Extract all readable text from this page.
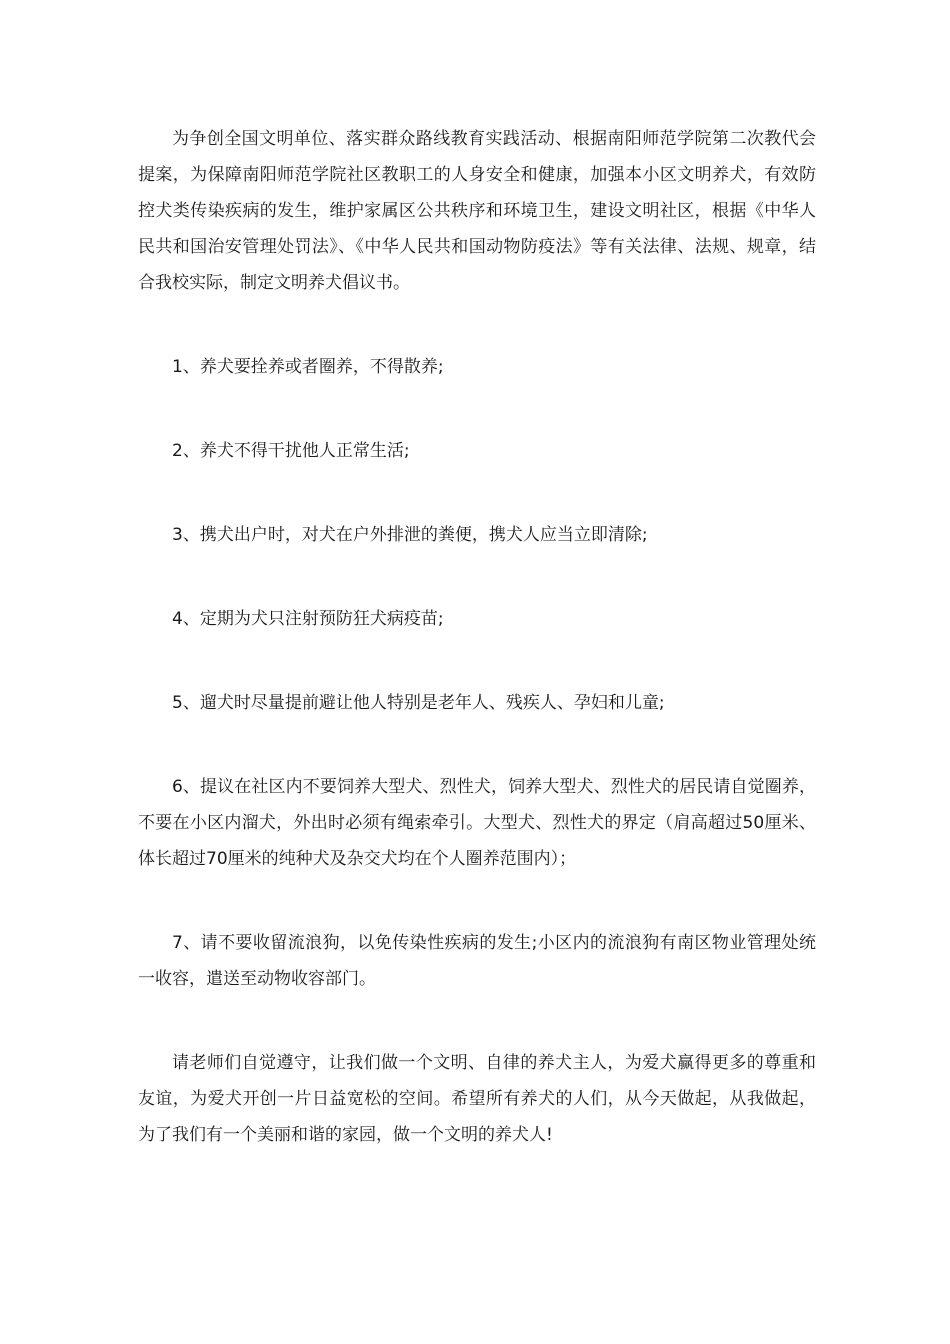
为争创全国文明单位、落实群众路线教育实践活动、根据南阳师范学院第二次教代会提案，为保障南阳师范学院社区教职工的人身安全和健康，加强本小区文明养犬，有效防控犬类传染疾病的发生，维护家属区公共秩序和环境卫生，建设文明社区，根据《中华人民共和国治安管理处罚法》、《中华人民共和国动物防疫法》等有关法律、法规、规章，结合我校实际，制定文明养犬倡议书。

1、养犬要拴养或者圈养，不得散养;

2、养犬不得干扰他人正常生活;

3、携犬出户时，对犬在户外排泄的粪便，携犬人应当立即清除;

4、定期为犬只注射预防狂犬病疫苗;

5、遛犬时尽量提前避让他人特别是老年人、残疾人、孕妇和儿童;

6、提议在社区内不要饲养大型犬、烈性犬，饲养大型犬、烈性犬的居民请自觉圈养，不要在小区内溜犬，外出时必须有绳索牵引。大型犬、烈性犬的界定（肩高超过50厘米、体长超过70厘米的纯种犬及杂交犬均在个人圈养范围内）；

7、请不要收留流浪狗，以免传染性疾病的发生;小区内的流浪狗有南区物业管理处统一收容，遣送至动物收容部门。

请老师们自觉遵守，让我们做一个文明、自律的养犬主人，为爱犬赢得更多的尊重和友谊，为爱犬开创一片日益宽松的空间。希望所有养犬的人们，从今天做起，从我做起，为了我们有一个美丽和谐的家园，做一个文明的养犬人!
